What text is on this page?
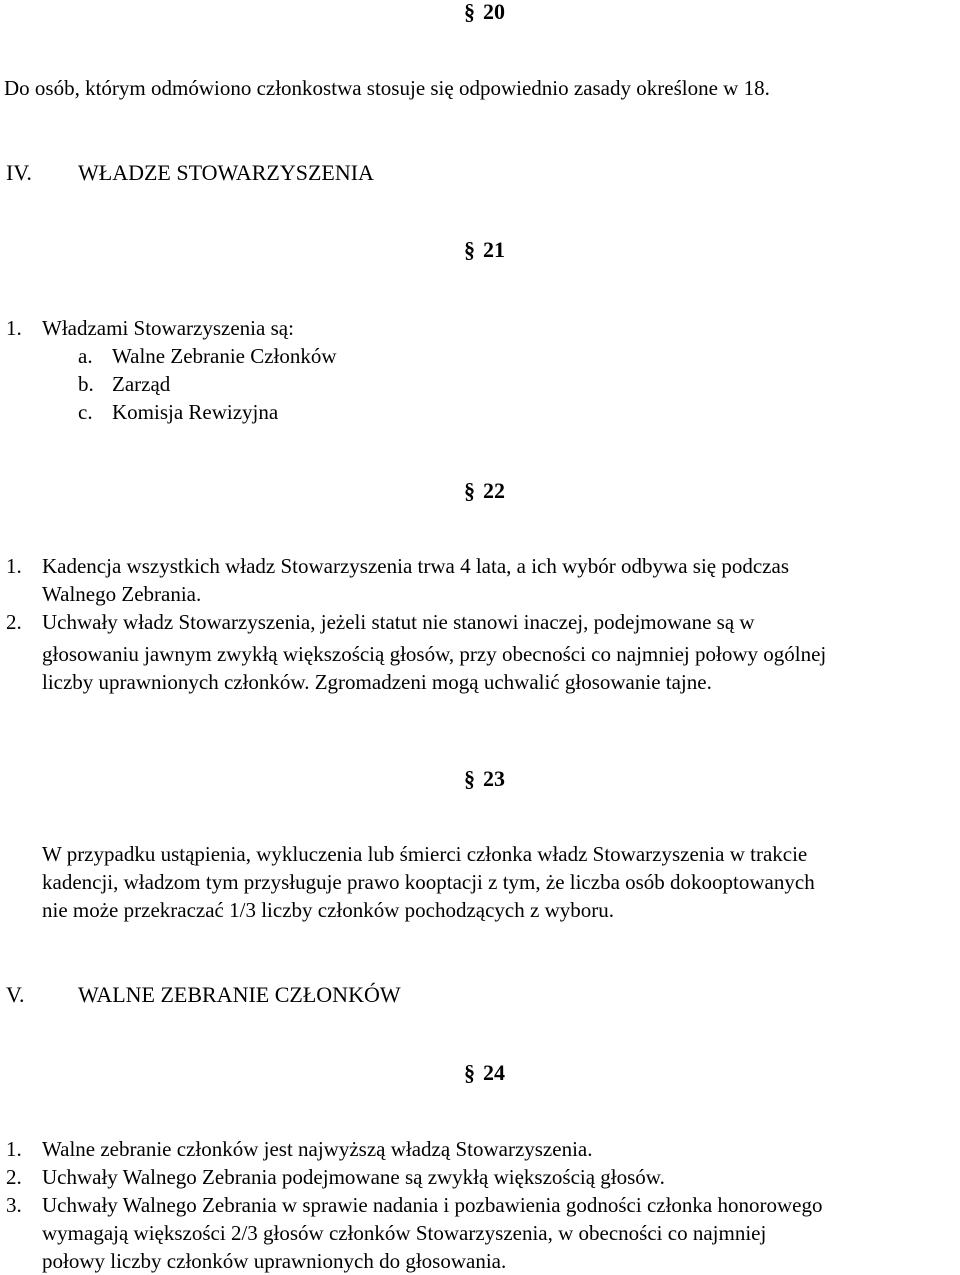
§ 20
Do osób, którym odmówiono członkostwa stosuje się odpowiednio zasady określone w 18.
IV. WŁADZE STOWARZYSZENIA
§ 21
1. Władzami Stowarzyszenia są:
a. Walne Zebranie Członków
b. Zarząd
c. Komisja Rewizyjna
§ 22
1. Kadencja wszystkich władz Stowarzyszenia trwa 4 lata, a ich wybór odbywa się podczas
Walnego Zebrania.
2. Uchwały władz Stowarzyszenia, jeżeli statut nie stanowi inaczej, podejmowane są w
głosowaniu jawnym zwykłą większością głosów, przy obecności co najmniej połowy ogólnej
liczby uprawnionych członków. Zgromadzeni mogą uchwalić głosowanie tajne.
§ 23
W przypadku ustąpienia, wykluczenia lub śmierci członka władz Stowarzyszenia w trakcie
kadencji, władzom tym przysługuje prawo kooptacji z tym, że liczba osób dokooptowanych
nie może przekraczać 1/3 liczby członków pochodzących z wyboru.
V. WALNE ZEBRANIE CZŁONKÓW
§ 24
1. Walne zebranie członków jest najwyższą władzą Stowarzyszenia.
2. Uchwały Walnego Zebrania podejmowane są zwykłą większością głosów.
3. Uchwały Walnego Zebrania w sprawie nadania i pozbawienia godności członka honorowego
wymagają większości 2/3 głosów członków Stowarzyszenia, w obecności co najmniej
połowy liczby członków uprawnionych do głosowania.
